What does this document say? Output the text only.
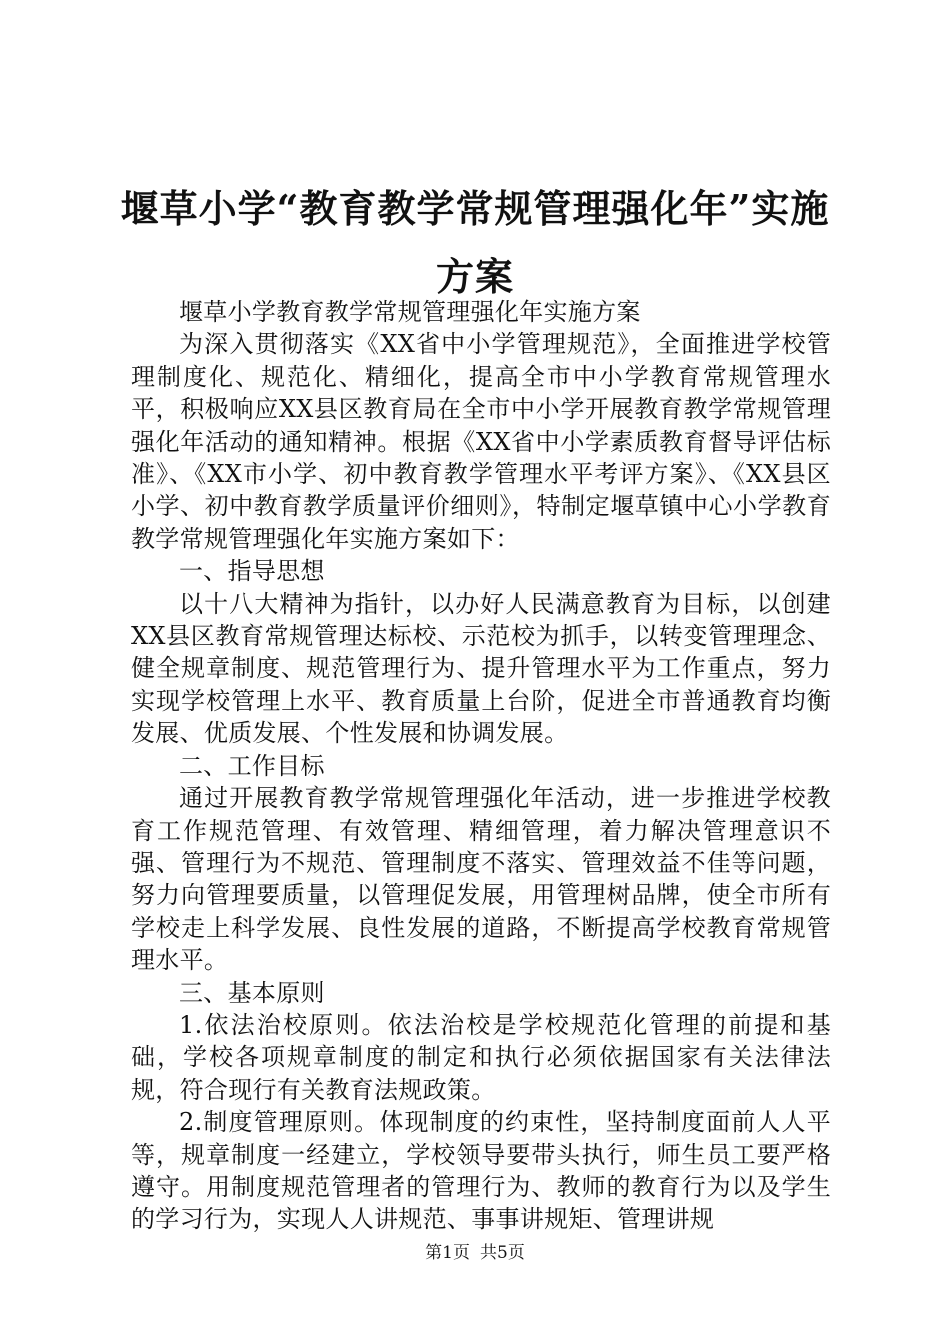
堰草小学“教育教学常规管理强化年”实施方案

堰草小学教育教学常规管理强化年实施方案

为深入贯彻落实《XX省中小学管理规范》，全面推进学校管理制度化、规范化、精细化，提高全市中小学教育常规管理水平，积极响应XX县区教育局在全市中小学开展教育教学常规管理强化年活动的通知精神。根据《XX省中小学素质教育督导评估标准》、《XX市小学、初中教育教学管理水平考评方案》、《XX县区小学、初中教育教学质量评价细则》，特制定堰草镇中心小学教育教学常规管理强化年实施方案如下：

一、指导思想

以十八大精神为指针，以办好人民满意教育为目标，以创建XX县区教育常规管理达标校、示范校为抓手，以转变管理理念、健全规章制度、规范管理行为、提升管理水平为工作重点，努力实现学校管理上水平、教育质量上台阶，促进全市普通教育均衡发展、优质发展、个性发展和协调发展。

二、工作目标

通过开展教育教学常规管理强化年活动，进一步推进学校教育工作规范管理、有效管理、精细管理，着力解决管理意识不强、管理行为不规范、管理制度不落实、管理效益不佳等问题，努力向管理要质量，以管理促发展，用管理树品牌，使全市所有学校走上科学发展、良性发展的道路，不断提高学校教育常规管理水平。

三、基本原则

1.依法治校原则。依法治校是学校规范化管理的前提和基础，学校各项规章制度的制定和执行必须依据国家有关法律法规，符合现行有关教育法规政策。

2.制度管理原则。体现制度的约束性，坚持制度面前人人平等，规章制度一经建立，学校领导要带头执行，师生员工要严格遵守。用制度规范管理者的管理行为、教师的教育行为以及学生的学习行为，实现人人讲规范、事事讲规矩、管理讲规

第1页 共5页
